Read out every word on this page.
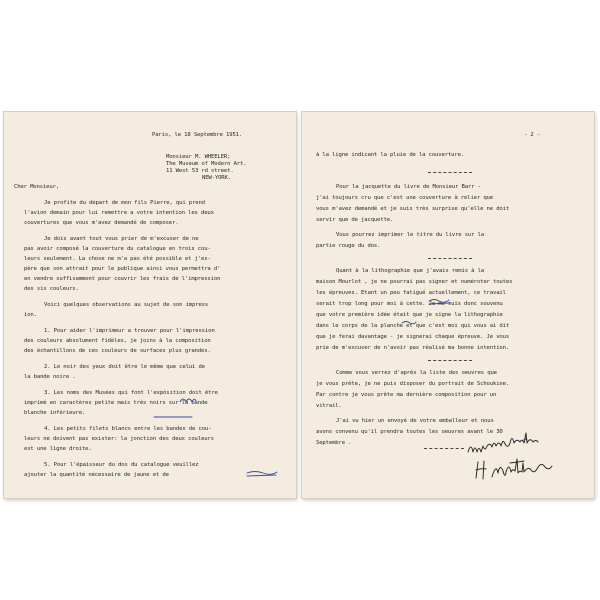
Paris, le 18 Septembre 1951.
Monsieur M. WHEELER;
The Museum of Modern Art.
11 West 53 rd street.
NEW-YORK.
Cher Monsieur,
Je profite du départ de mon fils Pierre, qui prend
l'avion demain pour lui remettre a votre intention les deux
couvertures que vous m'avez demandé de composer.
Je dois avant tout vous prier de m'excuser de ne
pas avoir composé la couverture du catalogue en trois cou-
leurs seulement. La chose ne m'a pas été possible et j'es-
père que son attrait pour le publique ainsi vous permettra d'
en vendre suffisamment pour couvrir les frais de l'impression
des six couleurs.
Voici quelques observations au sujet de son impress
ion.
1. Pour aider l'imprimeur a trouver pour l'impression
des couleurs absolument fidèles, je joins à la composition
des échantillons de ces couleurs de surfaces plus grandes.
2. Le noir des yeux doit être le même que celui de
la bande noire .
3. Les noms des Musées qui font l'expósition doit être
imprimé en caractères petite mais très noirs sur la bande
blanche inférieure.
4. Les petits filets blancs entre les bandes de cou-
leurs ne doivent pas exister: la jonction des deux couleurs
est une ligne droite.
5. Pour l'épaisseur du dos du catalogue veuillez
ajouter la quantité nécessaire de jaune et de
- 2 -
à la ligne indicant la pluie de la couverture.
Pour la jacquette du livre de Monsieur Barr -
j'ai toujours cru que c'est une couverture à relier que
vous m'avez demandé et je suis très surprise qu'elle ne doit
servir que de jacquette.
Vous pourrez imprimer le titre du livre sur la
partie rouge du dos.
Quant à la lithographie que j'avais remis à la
maison Mourlot , je ne pourrai pas signer et numéroter toutes
les épreuves. Etant un peu fatigué actuellement, ce travail
serait trop long pour moi à cette. Je me suis donc souvenu
que votre première idée était que je signe la lithographie
dans le corps de la planche et que c'est moi qui vous ai dit
que je ferai davantage - je signerai chaque épreuve. Je vous
prie de m'excuser de n'avoir pas réalisé ma bonne intention.
Comme vous verrez d'après la liste des oeuvres que
je vous prête, je ne puis disposer du portrait de Schoukine.
Par contre je vous prête ma dernière composition pour un
vitrail.
J'ai vu hier un envoyé de votre emballeur et nous
avons convenu qu'il prendra toutes les oeuvres avant le 30
Septembre .
